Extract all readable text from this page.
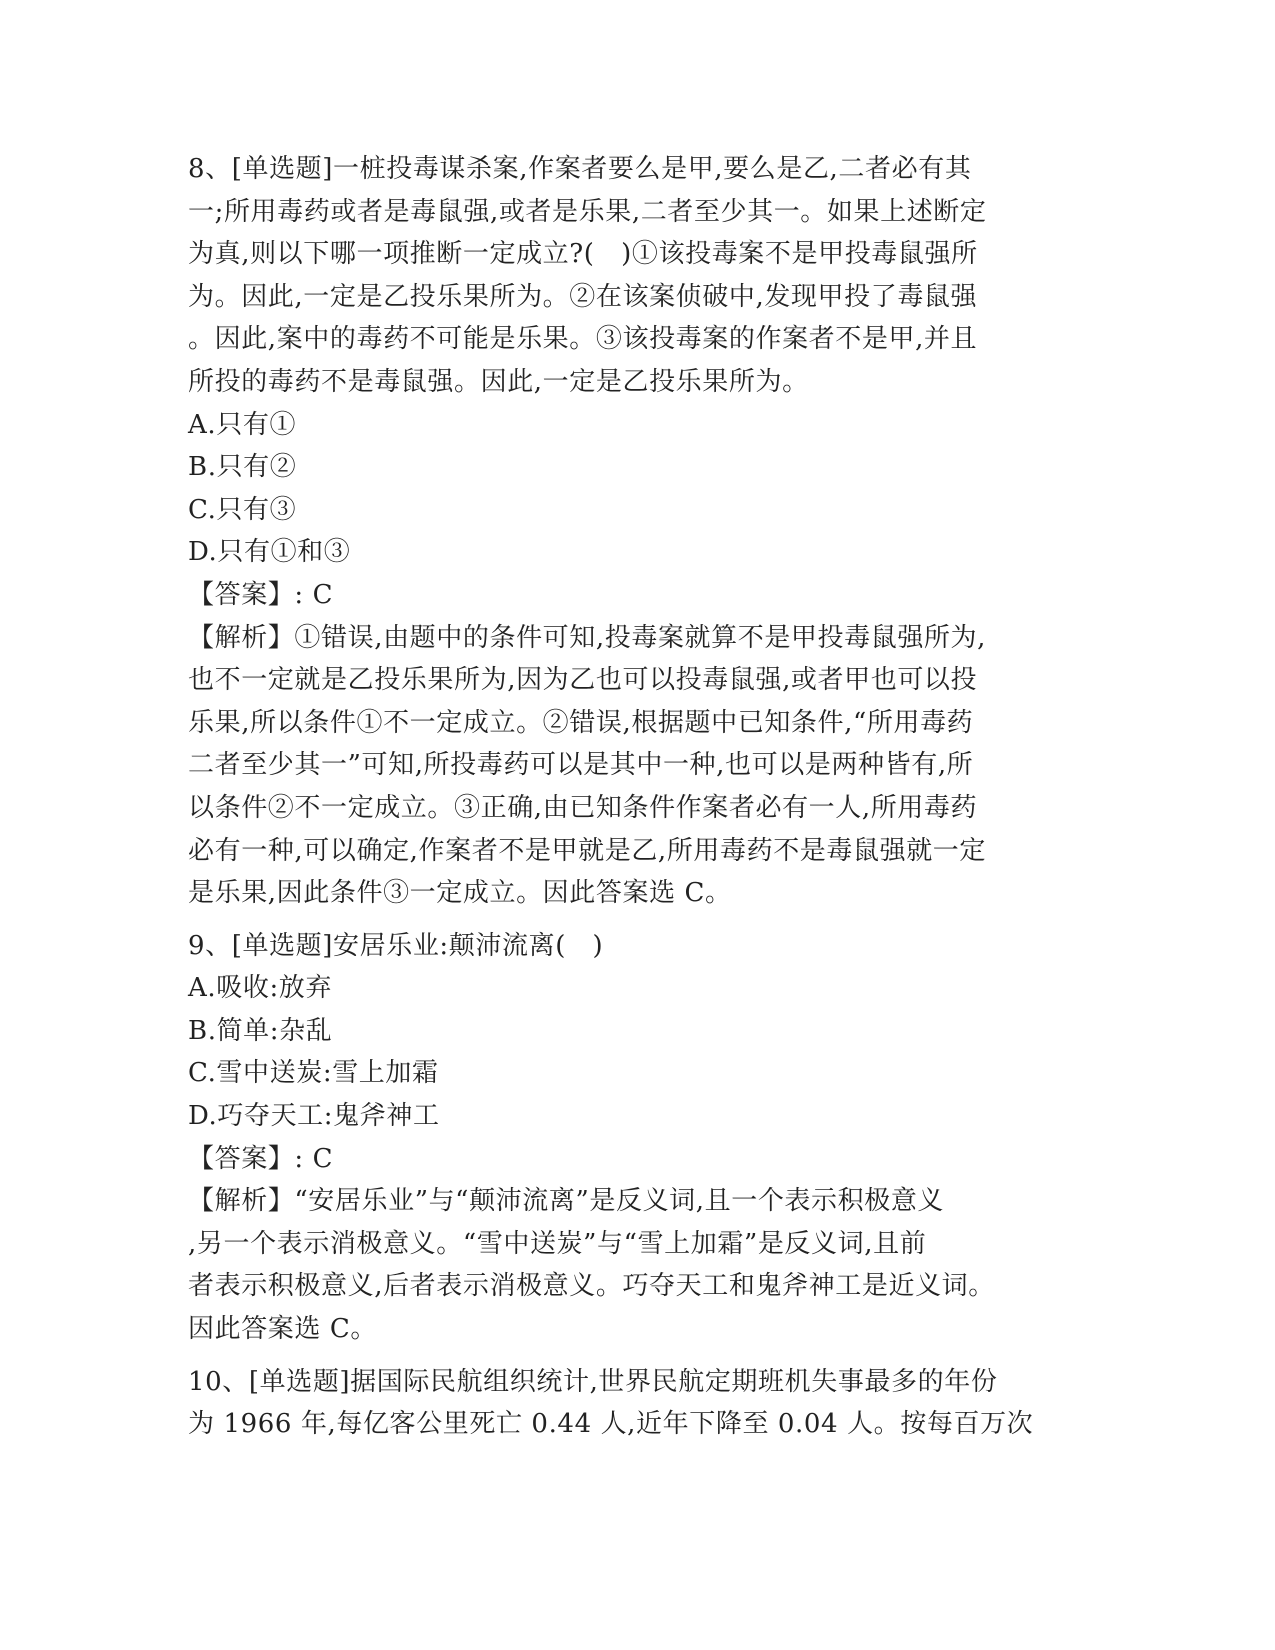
8、[单选题]一桩投毒谋杀案,作案者要么是甲,要么是乙,二者必有其
一;所用毒药或者是毒鼠强,或者是乐果,二者至少其一。如果上述断定
为真,则以下哪一项推断一定成立?(　)①该投毒案不是甲投毒鼠强所
为。因此,一定是乙投乐果所为。②在该案侦破中,发现甲投了毒鼠强
。因此,案中的毒药不可能是乐果。③该投毒案的作案者不是甲,并且
所投的毒药不是毒鼠强。因此,一定是乙投乐果所为。
A.只有①
B.只有②
C.只有③
D.只有①和③
【答案】: C
【解析】①错误,由题中的条件可知,投毒案就算不是甲投毒鼠强所为,
也不一定就是乙投乐果所为,因为乙也可以投毒鼠强,或者甲也可以投
乐果,所以条件①不一定成立。②错误,根据题中已知条件,“所用毒药
二者至少其一”可知,所投毒药可以是其中一种,也可以是两种皆有,所
以条件②不一定成立。③正确,由已知条件作案者必有一人,所用毒药
必有一种,可以确定,作案者不是甲就是乙,所用毒药不是毒鼠强就一定
是乐果,因此条件③一定成立。因此答案选 C。
9、[单选题]安居乐业:颠沛流离(　)
A.吸收:放弃
B.简单:杂乱
C.雪中送炭:雪上加霜
D.巧夺天工:鬼斧神工
【答案】: C
【解析】“安居乐业”与“颠沛流离”是反义词,且一个表示积极意义
,另一个表示消极意义。“雪中送炭”与“雪上加霜”是反义词,且前
者表示积极意义,后者表示消极意义。巧夺天工和鬼斧神工是近义词。
因此答案选 C。
10、[单选题]据国际民航组织统计,世界民航定期班机失事最多的年份
为 1966 年,每亿客公里死亡 0.44 人,近年下降至 0.04 人。按每百万次
